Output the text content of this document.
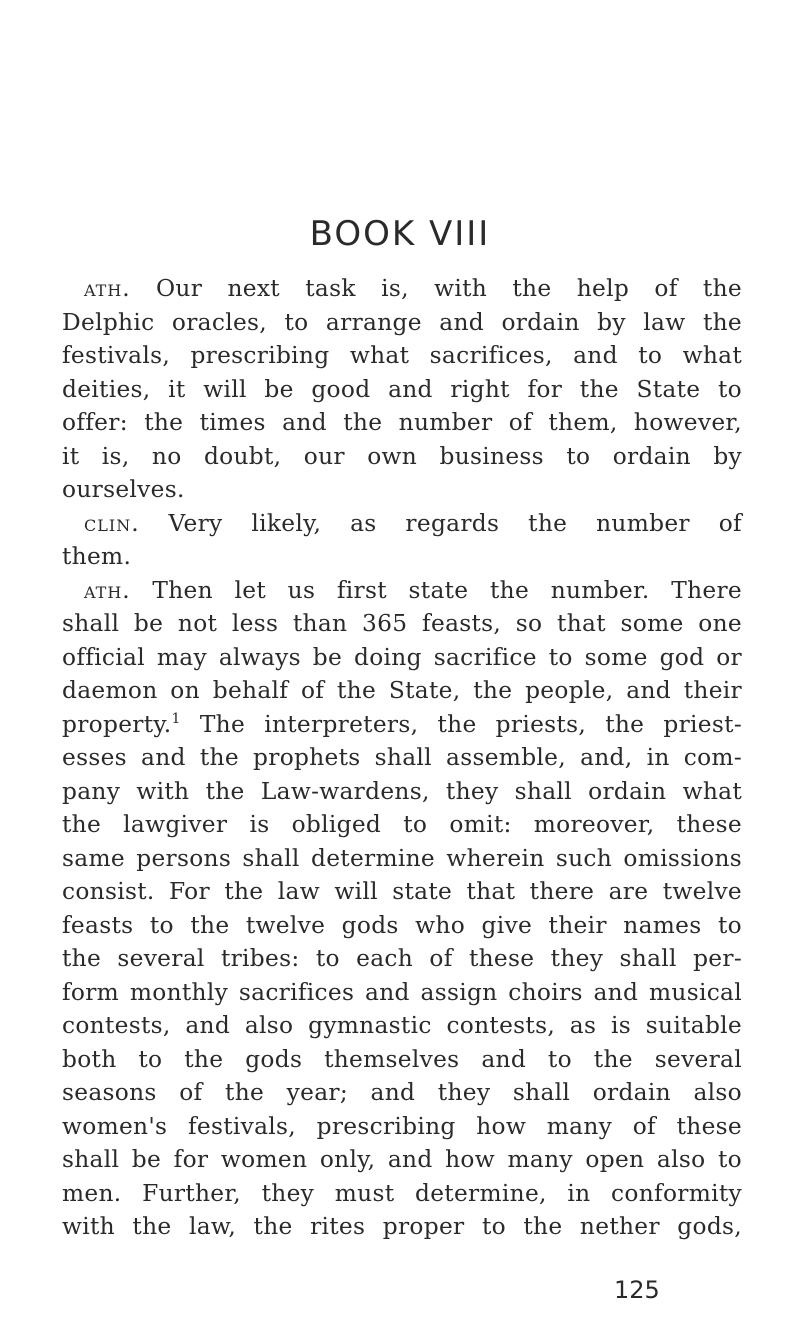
BOOK VIII
ath. Our next task is, with the help of the
Delphic oracles, to arrange and ordain by law the
festivals, prescribing what sacrifices, and to what
deities, it will be good and right for the State to
offer: the times and the number of them, however,
it is, no doubt, our own business to ordain by
ourselves.
clin. Very likely, as regards the number of
them.
ath. Then let us first state the number. There
shall be not less than 365 feasts, so that some one
official may always be doing sacrifice to some god or
daemon on behalf of the State, the people, and their
property.$^1$ The interpreters, the priests, the priest-
esses and the prophets shall assemble, and, in com-
pany with the Law-wardens, they shall ordain what
the lawgiver is obliged to omit: moreover, these
same persons shall determine wherein such omissions
consist. For the law will state that there are twelve
feasts to the twelve gods who give their names to
the several tribes: to each of these they shall per-
form monthly sacrifices and assign choirs and musical
contests, and also gymnastic contests, as is suitable
both to the gods themselves and to the several
seasons of the year; and they shall ordain also
women's festivals, prescribing how many of these
shall be for women only, and how many open also to
men. Further, they must determine, in conformity
with the law, the rites proper to the nether gods,
125
